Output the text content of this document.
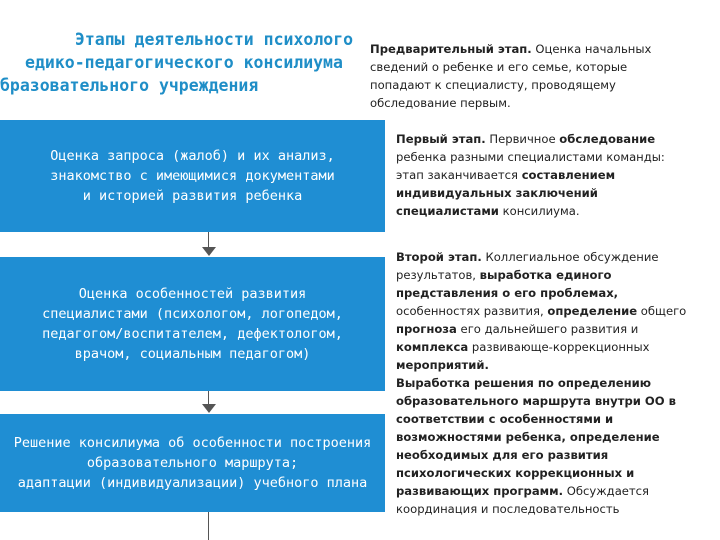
Этапы деятельности психолого
едико-педагогического консилиума
бразовательного учреждения
Оценка запроса (жалоб) и их анализ,
знакомство с имеющимися документами
и историей развития ребенка
Оценка особенностей развития
специалистами (психологом, логопедом,
педагогом/воспитателем, дефектологом,
врачом, социальным педагогом)
Решение консилиума об особенности построения
образовательного маршрута;
адаптации (индивидуализации) учебного плана
Предварительный этап. Оценка начальных
сведений о ребенке и его семье, которые
попадают к специалисту, проводящему
обследование первым.
Первый этап. Первичное обследование
ребенка разными специалистами команды:
этап заканчивается составлением
индивидуальных заключений
специалистами консилиума.
Второй этап. Коллегиальное обсуждение
результатов, выработка единого
представления о его проблемах,
особенностях развития, определение общего
прогноза его дальнейшего развития и
комплекса развивающе-коррекционных
мероприятий.
Выработка решения по определению
образовательного маршрута внутри ОО в
соответствии с особенностями и
возможностями ребенка, определение
необходимых для его развития
психологических коррекционных и
развивающих программ. Обсуждается
координация и последовательность
